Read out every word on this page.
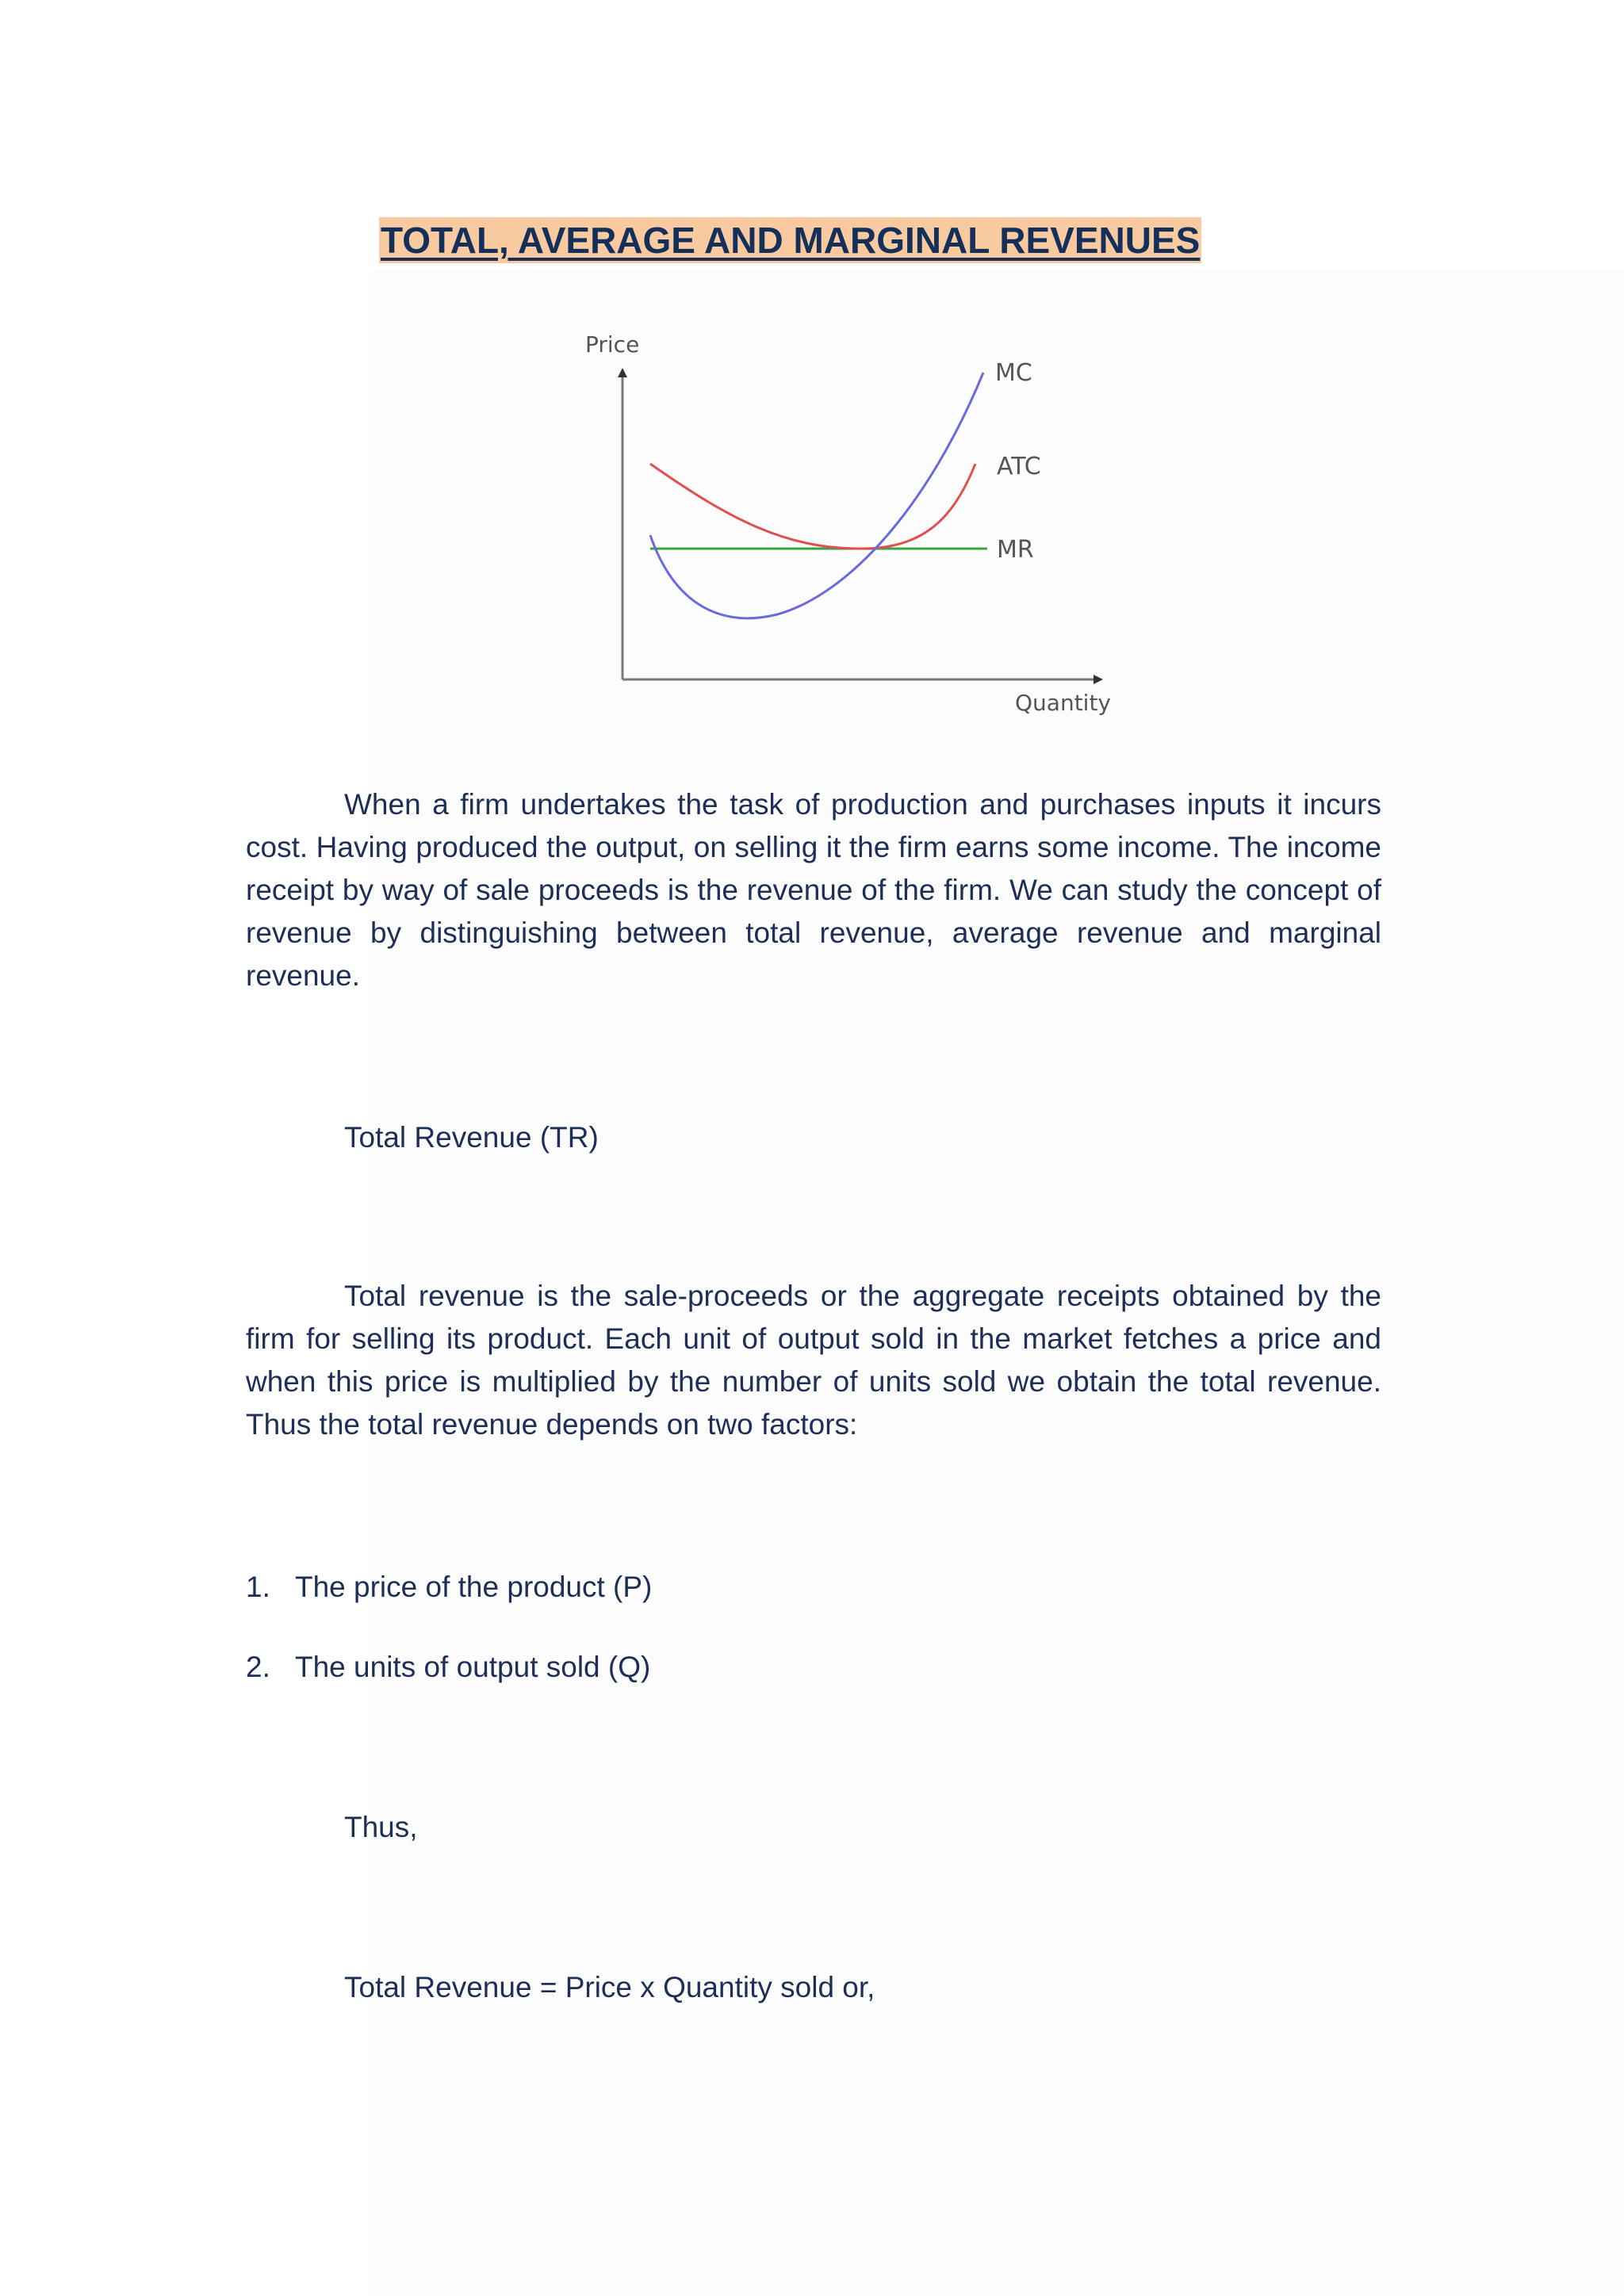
TOTAL, AVERAGE AND MARGINAL REVENUES
Price
Quantity
MC
ATC
MR

When a firm undertakes the task of production and purchases inputs it incurs cost. Having produced the output, on selling it the firm earns some income. The income receipt by way of sale proceeds is the revenue of the firm. We can study the concept of revenue by distinguishing between total revenue, average revenue and marginal revenue.

Total Revenue (TR)

Total revenue is the sale-proceeds or the aggregate receipts obtained by the firm for selling its product. Each unit of output sold in the market fetches a price and when this price is multiplied by the number of units sold we obtain the total revenue. Thus the total revenue depends on two factors:

1. The price of the product (P)
2. The units of output sold (Q)
Thus,
Total Revenue = Price x Quantity sold or,
